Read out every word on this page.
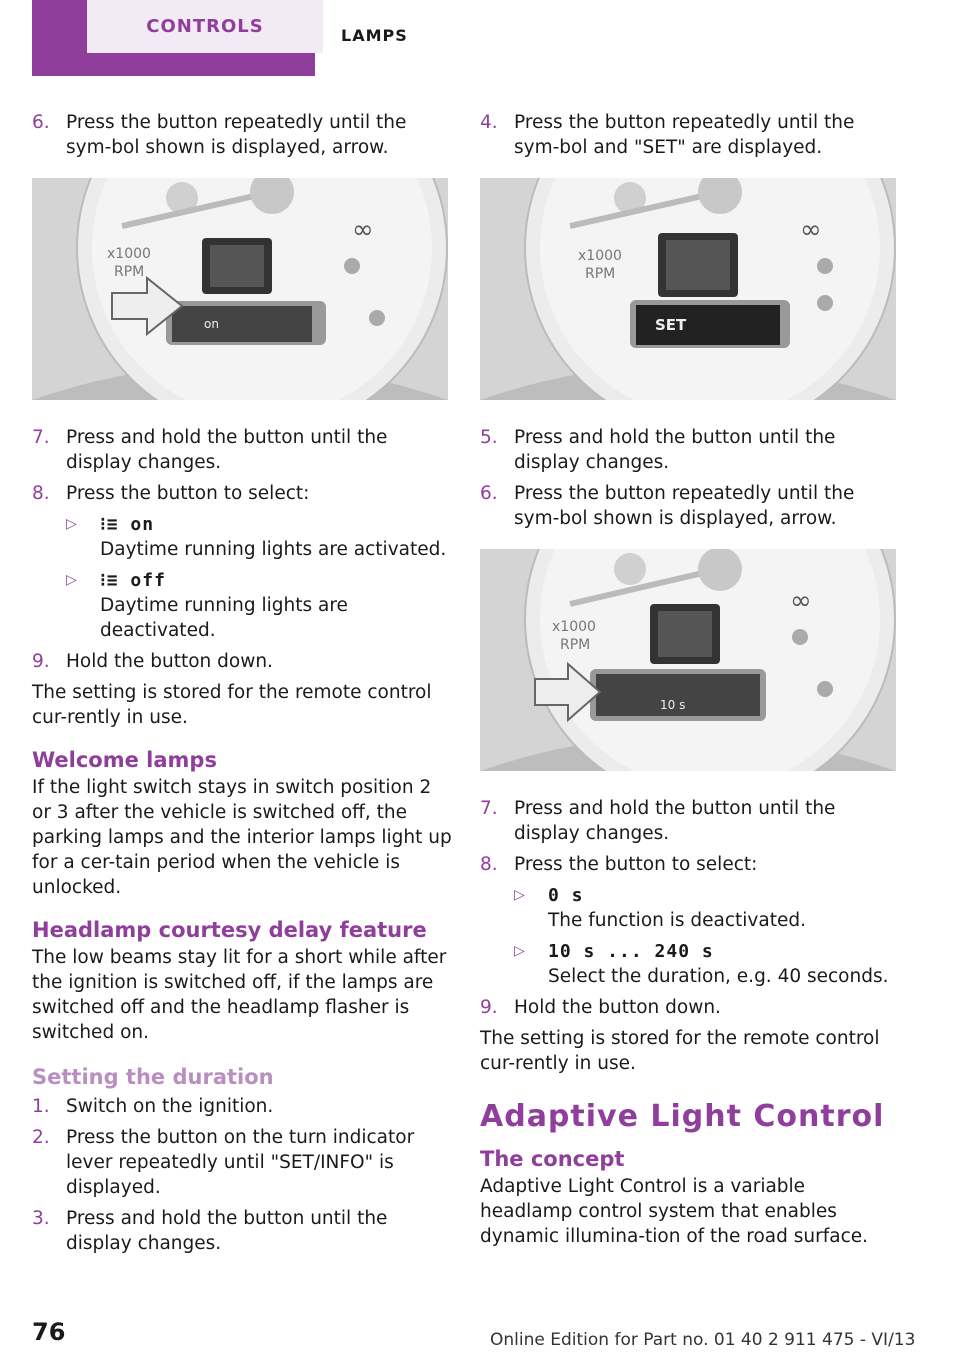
CONTROLS	LAMPS
6. Press the button repeatedly until the sym-bol shown is displayed, arrow.
x1000
RPM
∞
on
7. Press and hold the button until the display changes.
8. Press the button to select:
▷	⁝≡ on
Daytime running lights are activated.
▷	⁝≡ off
Daytime running lights are deactivated.
9. Hold the button down.

The setting is stored for the remote control cur-rently in use.

Welcome lamps

If the light switch stays in switch position 2 or 3 after the vehicle is switched off, the parking lamps and the interior lamps light up for a cer-tain period when the vehicle is unlocked.

Headlamp courtesy delay feature

The low beams stay lit for a short while after the ignition is switched off, if the lamps are switched off and the headlamp flasher is switched on.

Setting the duration
1. Switch on the ignition.
2. Press the button on the turn indicator lever repeatedly until "SET/INFO" is displayed.
3. Press and hold the button until the display changes.
4. Press the button repeatedly until the sym-bol and "SET" are displayed.
x1000
RPM
∞
SET
5. Press and hold the button until the display changes.
6. Press the button repeatedly until the sym-bol shown is displayed, arrow.
x1000
RPM
∞
10 s
7. Press and hold the button until the display changes.
8. Press the button to select:
▷	0 s
The function is deactivated.
▷	10 s ... 240 s
Select the duration, e.g. 40 seconds.
9. Hold the button down.

The setting is stored for the remote control cur-rently in use.

Adaptive Light Control
The concept

Adaptive Light Control is a variable headlamp control system that enables dynamic illumina-tion of the road surface.

76	Online Edition for Part no. 01 40 2 911 475 - VI/13
